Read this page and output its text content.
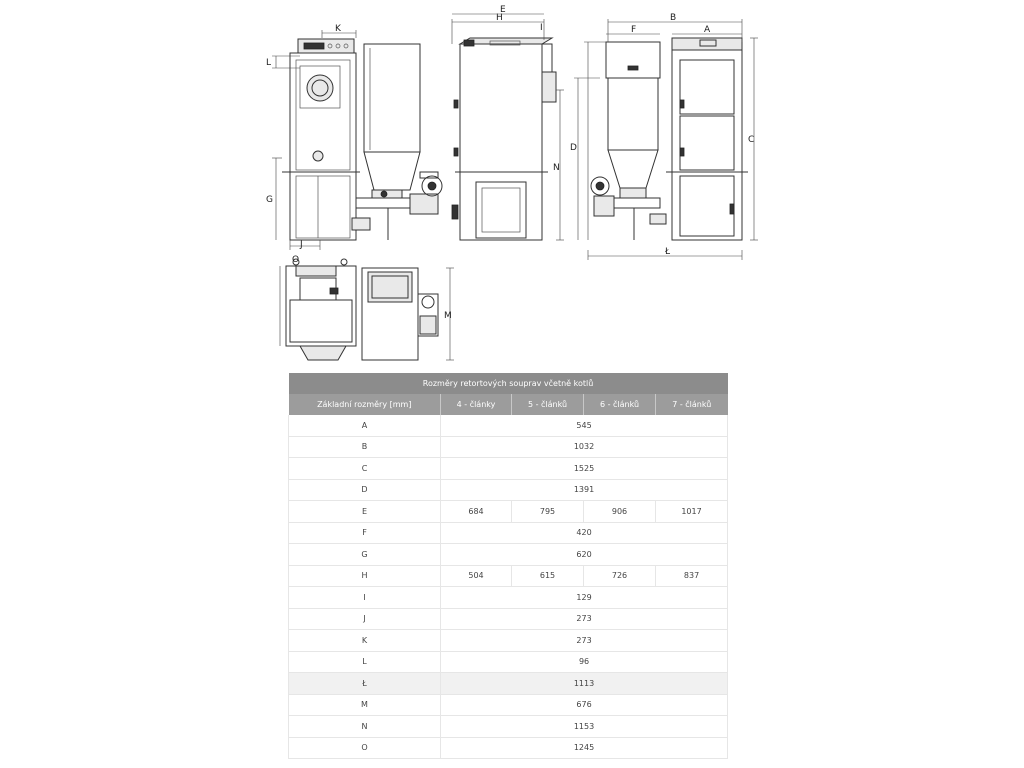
K
L
G
J
H
E
I
N
B
F	A
D
C
Ł
O
M
Rozměry retortových souprav včetně kotlů				
Základní rozměry [mm]	4 - články	5 - článků	6 - článků	7 - článků
A	545			
B	1032			
C	1525			
D	1391			
E	684	795	906	1017
F	420			
G	620			
H	504	615	726	837
I	129			
J	273			
K	273			
L	96			
Ł	1113			
M	676			
N	1153			
O	1245			
